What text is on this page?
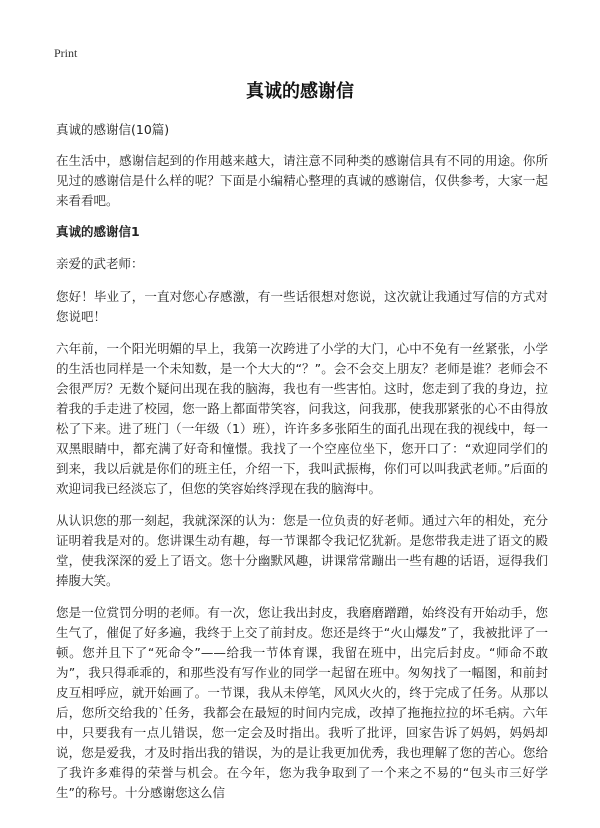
Print
真诚的感谢信
真诚的感谢信(10篇)

在生活中，感谢信起到的作用越来越大，请注意不同种类的感谢信具有不同的用途。你所见过的感谢信是什么样的呢？下面是小编精心整理的真诚的感谢信，仅供参考，大家一起来看看吧。

真诚的感谢信1
亲爱的武老师：

您好！毕业了，一直对您心存感激，有一些话很想对您说，这次就让我通过写信的方式对您说吧！

六年前，一个阳光明媚的早上，我第一次跨进了小学的大门，心中不免有一丝紧张，小学的生活也同样是一个未知数，是一个大大的“？”。会不会交上朋友？老师是谁？老师会不会很严厉？无数个疑问出现在我的脑海，我也有一些害怕。这时，您走到了我的身边，拉着我的手走进了校园，您一路上都面带笑容，问我这，问我那，使我那紧张的心不由得放松了下来。进了班门（一年级（1）班），许许多多张陌生的面孔出现在我的视线中，每一双黑眼睛中，都充满了好奇和憧憬。我找了一个空座位坐下，您开口了：“欢迎同学们的到来，我以后就是你们的班主任，介绍一下，我叫武振梅，你们可以叫我武老师。”后面的欢迎词我已经淡忘了，但您的笑容始终浮现在我的脑海中。

从认识您的那一刻起，我就深深的认为：您是一位负责的好老师。通过六年的相处，充分证明着我是对的。您讲课生动有趣，每一节课都令我记忆犹新。是您带我走进了语文的殿堂，使我深深的爱上了语文。您十分幽默风趣，讲课常常蹦出一些有趣的话语，逗得我们捧腹大笑。

您是一位赏罚分明的老师。有一次，您让我出封皮，我磨磨蹭蹭，始终没有开始动手，您生气了，催促了好多遍，我终于上交了前封皮。您还是终于“火山爆发”了，我被批评了一顿。您并且下了“死命令”——给我一节体育课，我留在班中，出完后封皮。“师命不敢为”，我只得乖乖的，和那些没有写作业的同学一起留在班中。匆匆找了一幅图，和前封皮互相呼应，就开始画了。一节课，我从未停笔，风风火火的，终于完成了任务。从那以后，您所交给我的`任务，我都会在最短的时间内完成，改掉了拖拖拉拉的坏毛病。六年中，只要我有一点儿错误，您一定会及时指出。我听了批评，回家告诉了妈妈，妈妈却说，您是爱我，才及时指出我的错误，为的是让我更加优秀，我也理解了您的苦心。您给了我许多难得的荣誉与机会。在今年，您为我争取到了一个来之不易的“包头市三好学生”的称号。十分感谢您这么信
